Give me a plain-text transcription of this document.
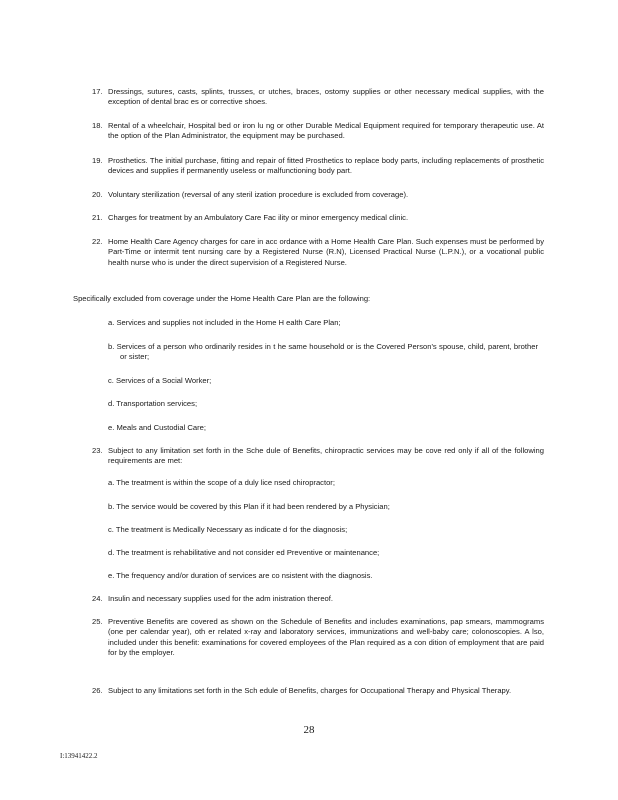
17. Dressings, sutures, casts, splints, trusses, cr utches, braces, ostomy supplies or other necessary medical supplies, with the exception of dental brac es or corrective shoes.
18. Rental of a wheelchair, Hospital bed or iron lu ng or other Durable Medical Equipment required for temporary therapeutic use. At the option of the Plan Administrator, the equipment may be purchased.
19. Prosthetics. The initial purchase, fitting and repair of fitted Prosthetics to replace body parts, including replacements of prosthetic devices and supplies if permanently useless or malfunctioning body part.
20. Voluntary sterilization (reversal of any steril ization procedure is excluded from coverage).
21. Charges for treatment by an Ambulatory Care Fac ility or minor emergency medical clinic.
22. Home Health Care Agency charges for care in acc ordance with a Home Health Care Plan. Such expenses must be performed by Part-Time or intermit tent nursing care by a Registered Nurse (R.N), Licensed Practical Nurse (L.P.N.), or a vocational public health nurse who is under the direct supervision of a Registered Nurse.
Specifically excluded from coverage under the Home Health Care Plan are the following:
a. Services and supplies not included in the Home H ealth Care Plan;
b. Services of a person who ordinarily resides in t he same household or is the Covered Person's spouse, child, parent, brother or sister;
c. Services of a Social Worker;
d. Transportation services;
e. Meals and Custodial Care;
23. Subject to any limitation set forth in the Sche dule of Benefits, chiropractic services may be cove red only if all of the following requirements are met:
a. The treatment is within the scope of a duly lice nsed chiropractor;
b. The service would be covered by this Plan if it had been rendered by a Physician;
c. The treatment is Medically Necessary as indicate d for the diagnosis;
d. The treatment is rehabilitative and not consider ed Preventive or maintenance;
e. The frequency and/or duration of services are co nsistent with the diagnosis.
24. Insulin and necessary supplies used for the adm inistration thereof.
25. Preventive Benefits are covered as shown on the Schedule of Benefits and includes examinations, pap smears, mammograms (one per calendar year), oth er related x-ray and laboratory services, immunizations and well-baby care; colonoscopies. A lso, included under this benefit: examinations for covered employees of the Plan required as a con dition of employment that are paid for by the employer.
26. Subject to any limitations set forth in the Sch edule of Benefits, charges for Occupational Therapy and Physical Therapy.
28
I:13941422.2
